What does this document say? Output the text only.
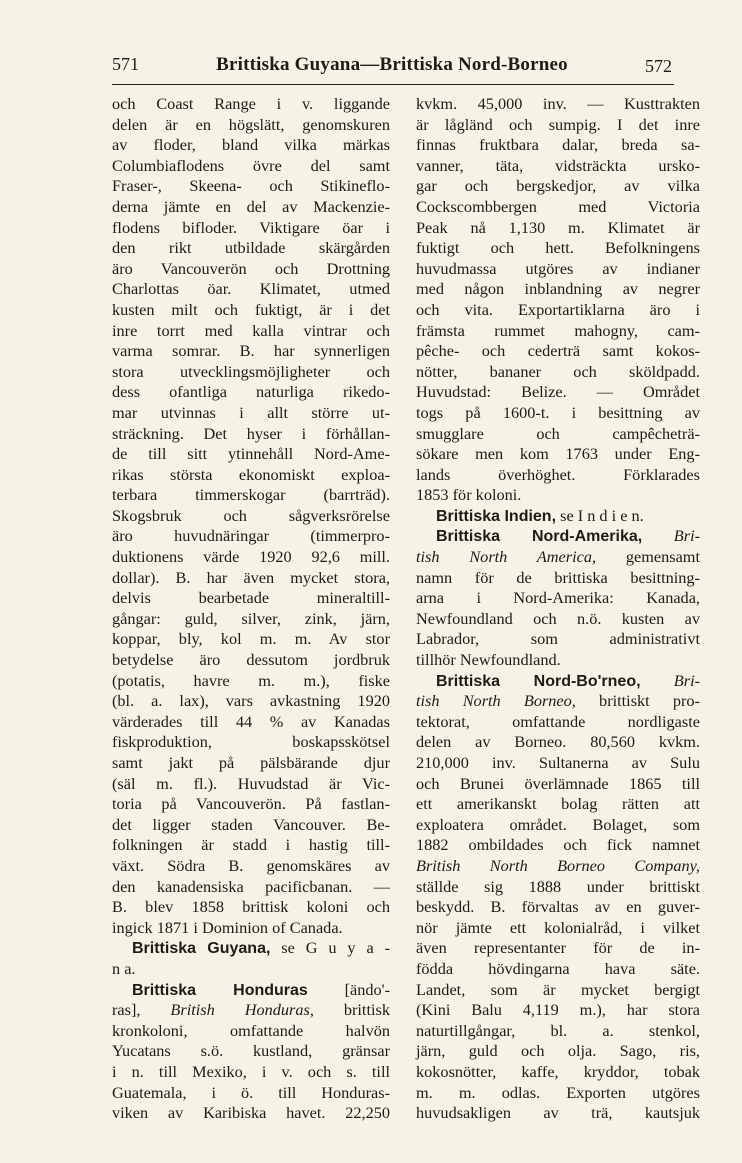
571	Brittiska Guyana—Brittiska Nord-Borneo	572
och Coast Range i v. liggande
delen är en högslätt, genomskuren
av floder, bland vilka märkas
Columbiaflodens övre del samt
Fraser-, Skeena- och Stikineflo-
derna jämte en del av Mackenzie-
flodens bifloder. Viktigare öar i
den rikt utbildade skärgården
äro Vancouverön och Drottning
Charlottas öar. Klimatet, utmed
kusten milt och fuktigt, är i det
inre torrt med kalla vintrar och
varma somrar. B. har synnerligen
stora utvecklingsmöjligheter och
dess ofantliga naturliga rikedo-
mar utvinnas i allt större ut-
sträckning. Det hyser i förhållan-
de till sitt ytinnehåll Nord-Ame-
rikas största ekonomiskt exploa-
terbara timmerskogar (barrträd).
Skogsbruk och sågverksrörelse
äro huvudnäringar (timmerpro-
duktionens värde 1920 92,6 mill.
dollar). B. har även mycket stora,
delvis bearbetade mineraltill-
gångar: guld, silver, zink, järn,
koppar, bly, kol m. m. Av stor
betydelse äro dessutom jordbruk
(potatis, havre m. m.), fiske
(bl. a. lax), vars avkastning 1920
värderades till 44 % av Kanadas
fiskproduktion, boskapsskötsel
samt jakt på pälsbärande djur
(säl m. fl.). Huvudstad är Vic-
toria på Vancouverön. På fastlan-
det ligger staden Vancouver. Be-
folkningen är stadd i hastig till-
växt. Södra B. genomskäres av
den kanadensiska pacificbanan. —
B. blev 1858 brittisk koloni och
ingick 1871 i Dominion of Canada.
Brittiska Guyana, se G u y a -
n a.
Brittiska Honduras [ändo'-
ras], British Honduras, brittisk
kronkoloni, omfattande halvön
Yucatans s.ö. kustland, gränsar
i n. till Mexiko, i v. och s. till
Guatemala, i ö. till Honduras-
viken av Karibiska havet. 22,250
kvkm. 45,000 inv. — Kusttrakten
är lågländ och sumpig. I det inre
finnas fruktbara dalar, breda sa-
vanner, täta, vidsträckta ursko-
gar och bergskedjor, av vilka
Cockscombbergen med Victoria
Peak nå 1,130 m. Klimatet är
fuktigt och hett. Befolkningens
huvudmassa utgöres av indianer
med någon inblandning av negrer
och vita. Exportartiklarna äro i
främsta rummet mahogny, cam-
pêche- och cederträ samt kokos-
nötter, bananer och sköldpadd.
Huvudstad: Belize. — Området
togs på 1600-t. i besittning av
smugglare och campêcheträ-
sökare men kom 1763 under Eng-
lands överhöghet. Förklarades
1853 för koloni.
Brittiska Indien, se I n d i e n.
Brittiska Nord-Amerika, Bri-
tish North America, gemensamt
namn för de brittiska besittning-
arna i Nord-Amerika: Kanada,
Newfoundland och n.ö. kusten av
Labrador, som administrativt
tillhör Newfoundland.
Brittiska Nord-Bo'rneo, Bri-
tish North Borneo, brittiskt pro-
tektorat, omfattande nordligaste
delen av Borneo. 80,560 kvkm.
210,000 inv. Sultanerna av Sulu
och Brunei överlämnade 1865 till
ett amerikanskt bolag rätten att
exploatera området. Bolaget, som
1882 ombildades och fick namnet
British North Borneo Company,
ställde sig 1888 under brittiskt
beskydd. B. förvaltas av en guver-
nör jämte ett kolonialråd, i vilket
även representanter för de in-
födda hövdingarna hava säte.
Landet, som är mycket bergigt
(Kini Balu 4,119 m.), har stora
naturtillgångar, bl. a. stenkol,
järn, guld och olja. Sago, ris,
kokosnötter, kaffe, kryddor, tobak
m. m. odlas. Exporten utgöres
huvudsakligen av trä, kautsjuk
